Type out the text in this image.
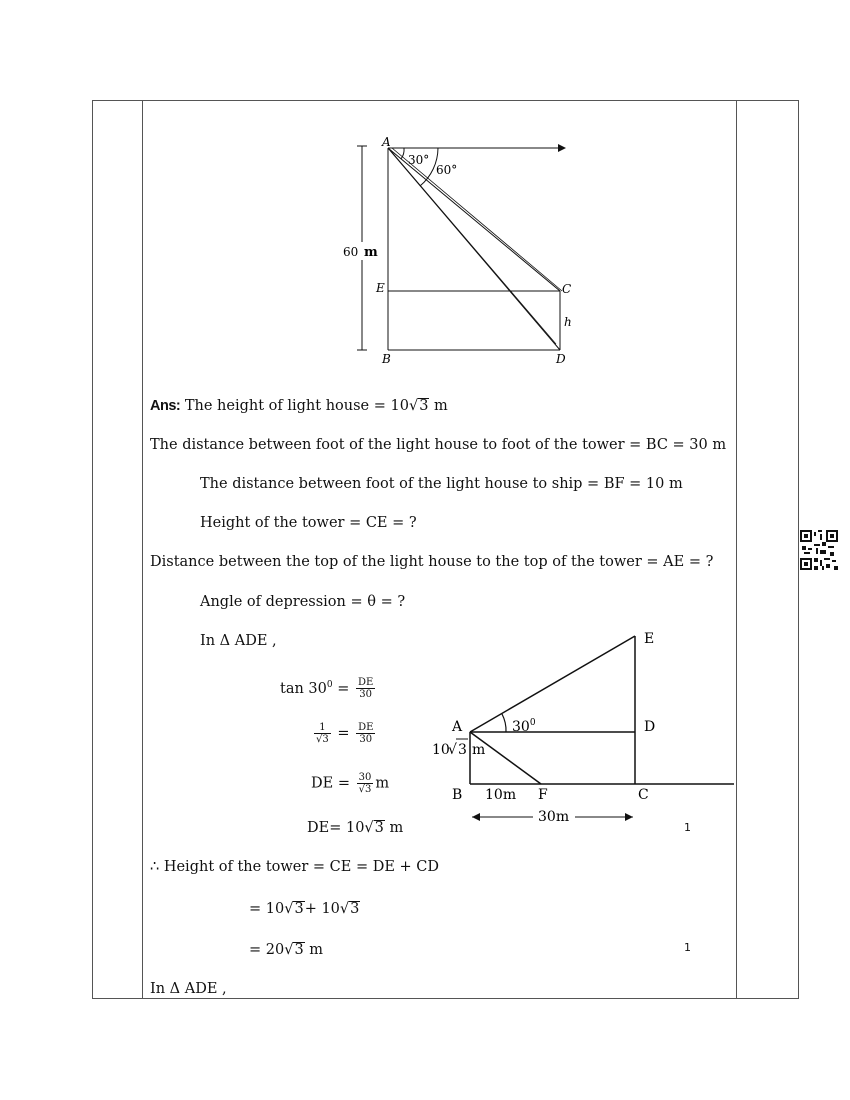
A
30°
60°
60 m
E	C
h
B	D
Ans: The height of light house = 10√3 m
The distance between foot of the light house to foot of the tower = BC = 30 m
The distance between foot of the light house to ship = BF = 10 m
Height of the tower = CE = ?
Distance between the top of the light house to the top of the tower = AE = ?
Angle of depression = θ = ?
In Δ ADE ,
$\tan 30^0 = \frac{DE}{30}$
$\frac{1}{√3} = \frac{DE}{30}$
DE = $\frac{30}{√3}$ m
DE= 10√3 m	1
E
A	$30^0$	D
10
√ 3 m
B 10m F	C
30m
∴ Height of the tower = CE = DE + CD
= 10√3+ 10√3
= 20√3 m	1
In Δ ADE ,
